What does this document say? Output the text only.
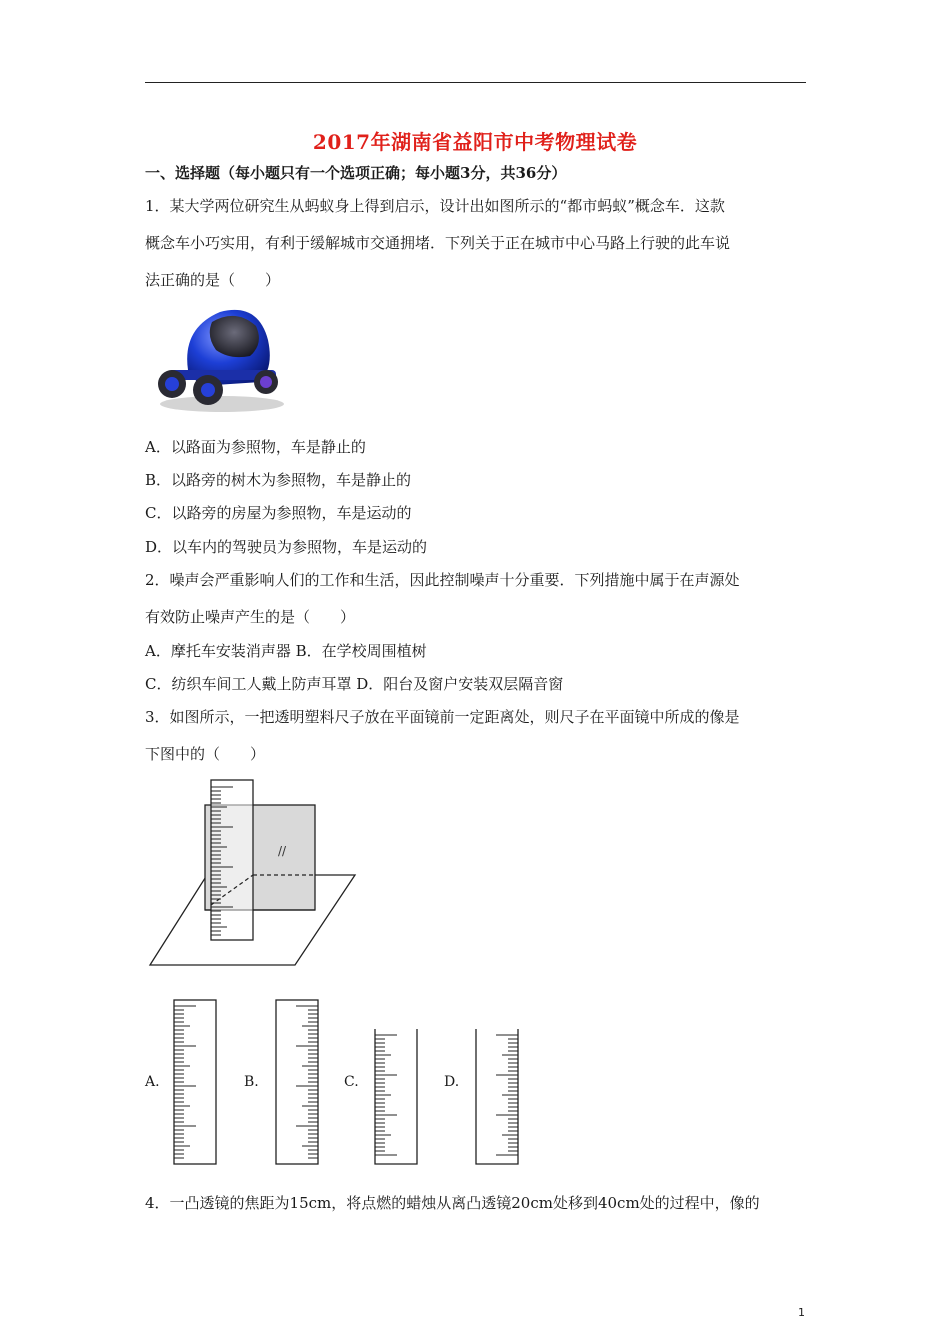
2017年湖南省益阳市中考物理试卷
一、选择题（每小题只有一个选项正确；每小题3分，共36分）
1．某大学两位研究生从蚂蚁身上得到启示，设计出如图所示的“都市蚂蚁”概念车．这款
概念车小巧实用，有利于缓解城市交通拥堵．下列关于正在城市中心马路上行驶的此车说
法正确的是（　　）
A．以路面为参照物，车是静止的
B．以路旁的树木为参照物，车是静止的
C．以路旁的房屋为参照物，车是运动的
D．以车内的驾驶员为参照物，车是运动的
2．噪声会严重影响人们的工作和生活，因此控制噪声十分重要．下列措施中属于在声源处
有效防止噪声产生的是（　　）
A．摩托车安装消声器 B．在学校周围植树
C．纺织车间工人戴上防声耳罩 D．阳台及窗户安装双层隔音窗
3．如图所示，一把透明塑料尺子放在平面镜前一定距离处，则尺子在平面镜中所成的像是
下图中的（　　）
//
A.	B.	C.	D.
4．一凸透镜的焦距为15cm，将点燃的蜡烛从离凸透镜20cm处移到40cm处的过程中，像的
1
